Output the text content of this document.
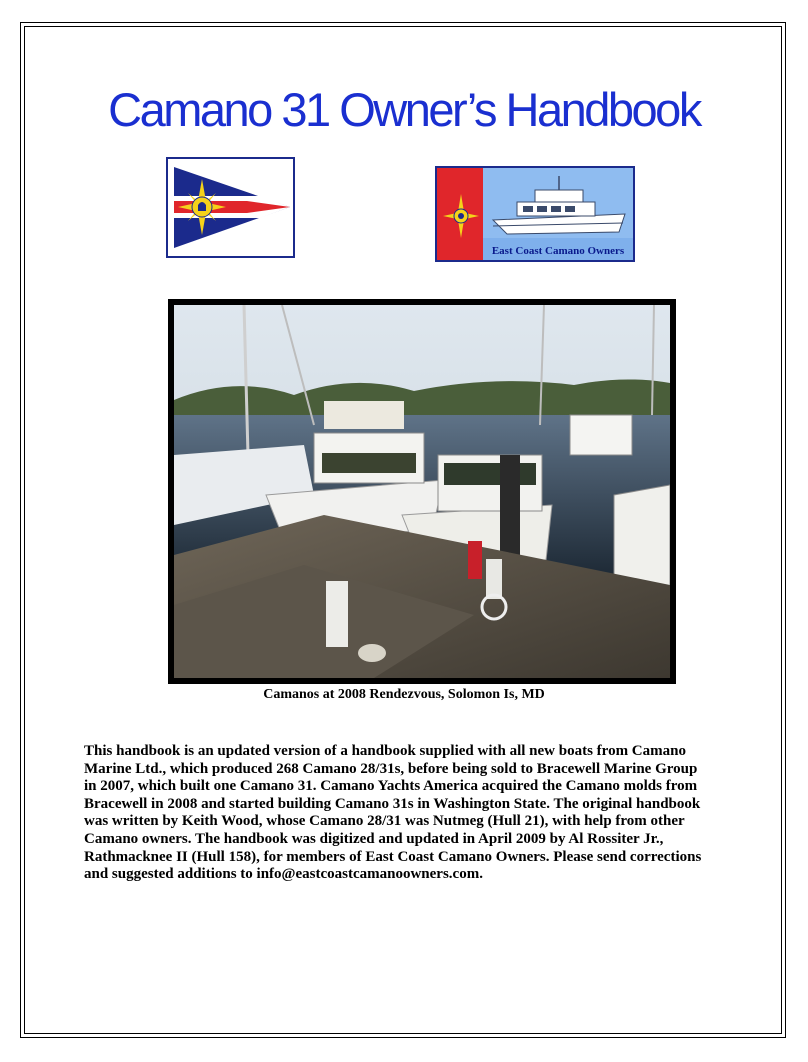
Camano 31 Owner’s Handbook
East Coast Camano Owners
Camanos at 2008 Rendezvous, Solomon Is, MD

This handbook is an updated version of a handbook supplied with all new boats from Camano
Marine Ltd., which produced 268 Camano 28/31s, before being sold to Bracewell Marine Group
in 2007, which built one Camano 31. Camano Yachts America acquired the Camano molds from
Bracewell in 2008 and started building Camano 31s in Washington State. The original handbook
was written by Keith Wood, whose Camano 28/31 was Nutmeg (Hull 21), with help from other
Camano owners. The handbook was digitized and updated in April 2009 by Al Rossiter Jr.,
Rathmacknee II (Hull 158), for members of East Coast Camano Owners. Please send corrections
and suggested additions to info@eastcoastcamanoowners.com.
